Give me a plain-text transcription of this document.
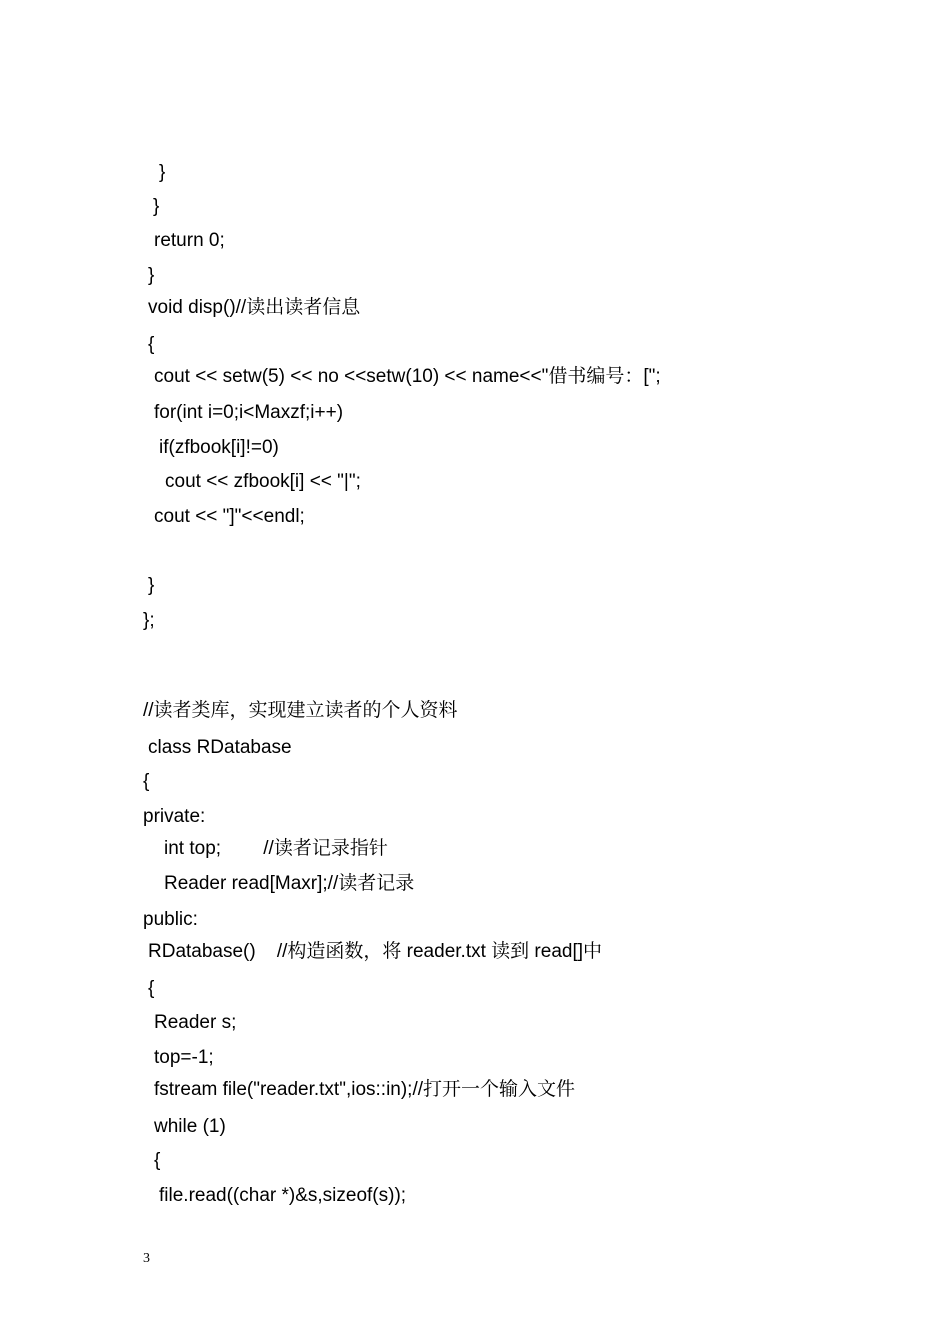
}
}
return 0;
}
void disp()//读出读者信息
{
cout << setw(5) << no <<setw(10) << name<<"借书编号：[";
for(int i=0;i<Maxzf;i++)
if(zfbook[i]!=0)
cout << zfbook[i] << "|";
cout << "]"<<endl;
}
};
//读者类库，实现建立读者的个人资料
class RDatabase
{
private:
int top;        //读者记录指针
Reader read[Maxr];//读者记录
public:
RDatabase()    //构造函数，将 reader.txt 读到 read[]中
{
Reader s;
top=-1;
fstream file("reader.txt",ios::in);//打开一个输入文件
while (1)
{
file.read((char *)&s,sizeof(s));
3
